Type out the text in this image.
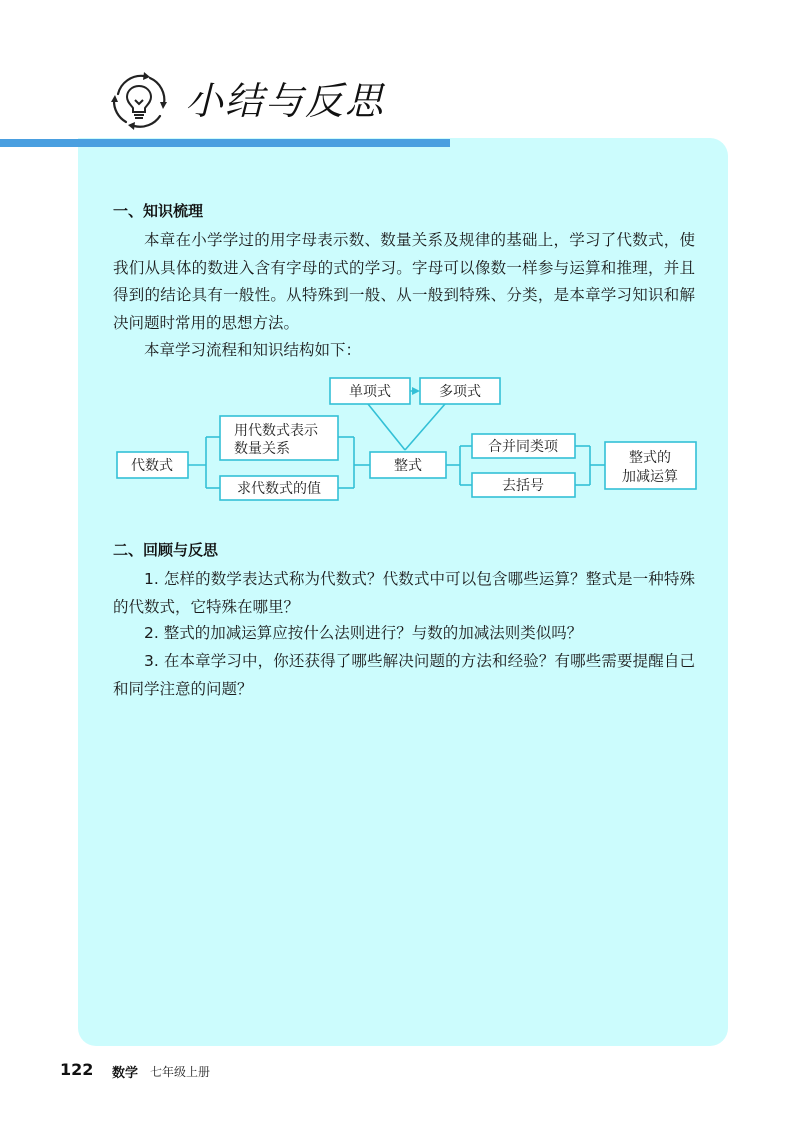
小结与反思
一、知识梳理

本章在小学学过的用字母表示数、数量关系及规律的基础上，学习了代数式，使我们从具体的数进入含有字母的式的学习。字母可以像数一样参与运算和推理，并且得到的结论具有一般性。从特殊到一般、从一般到特殊、分类，是本章学习知识和解决问题时常用的思想方法。

本章学习流程和知识结构如下：

代数式
用代数式表示
数量关系
求代数式的值
整式
单项式	多项式
合并同类项
去括号
整式的
加减运算
二、回顾与反思

1. 怎样的数学表达式称为代数式？代数式中可以包含哪些运算？整式是一种特殊的代数式，它特殊在哪里？

2. 整式的加减运算应按什么法则进行？与数的加减法则类似吗？

3. 在本章学习中，你还获得了哪些解决问题的方法和经验？有哪些需要提醒自己和同学注意的问题？

122 数学 七年级上册
